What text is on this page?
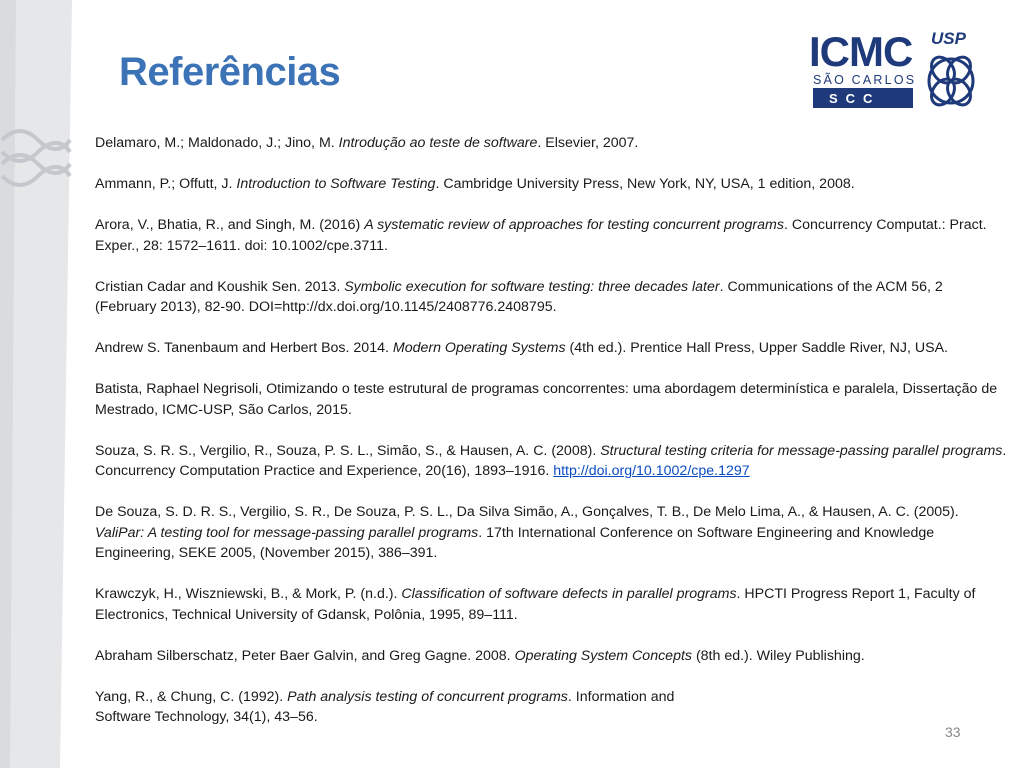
Referências	ICMC
SÃO CARLOS
SCC
USP

Delamaro, M.; Maldonado, J.; Jino, M. Introdução ao teste de software. Elsevier, 2007.

Ammann, P.; Offutt, J. Introduction to Software Testing. Cambridge University Press, New York, NY, USA, 1 edition, 2008.

Arora, V., Bhatia, R., and Singh, M. (2016) A systematic review of approaches for testing concurrent programs. Concurrency Computat.: Pract. Exper., 28: 1572–1611. doi: 10.1002/cpe.3711.

Cristian Cadar and Koushik Sen. 2013. Symbolic execution for software testing: three decades later. Communications of the ACM 56, 2 (February 2013), 82-90. DOI=http://dx.doi.org/10.1145/2408776.2408795.

Andrew S. Tanenbaum and Herbert Bos. 2014. Modern Operating Systems (4th ed.). Prentice Hall Press, Upper Saddle River, NJ, USA.

Batista, Raphael Negrisoli, Otimizando o teste estrutural de programas concorrentes: uma abordagem determinística e paralela, Dissertação de Mestrado, ICMC-USP, São Carlos, 2015.

Souza, S. R. S., Vergilio, R., Souza, P. S. L., Simão, S., & Hausen, A. C. (2008). Structural testing criteria for message-passing parallel programs. Concurrency Computation Practice and Experience, 20(16), 1893–1916. http://doi.org/10.1002/cpe.1297

De Souza, S. D. R. S., Vergilio, S. R., De Souza, P. S. L., Da Silva Simão, A., Gonçalves, T. B., De Melo Lima, A., & Hausen, A. C. (2005). ValiPar: A testing tool for message-passing parallel programs. 17th International Conference on Software Engineering and Knowledge Engineering, SEKE 2005, (November 2015), 386–391.

Krawczyk, H., Wiszniewski, B., & Mork, P. (n.d.). Classification of software defects in parallel programs. HPCTI Progress Report 1, Faculty of Electronics, Technical University of Gdansk, Polônia, 1995, 89–111.

Abraham Silberschatz, Peter Baer Galvin, and Greg Gagne. 2008. Operating System Concepts (8th ed.). Wiley Publishing.

Yang, R., & Chung, C. (1992). Path analysis testing of concurrent programs. Information and Software Technology, 34(1), 43–56.

33
